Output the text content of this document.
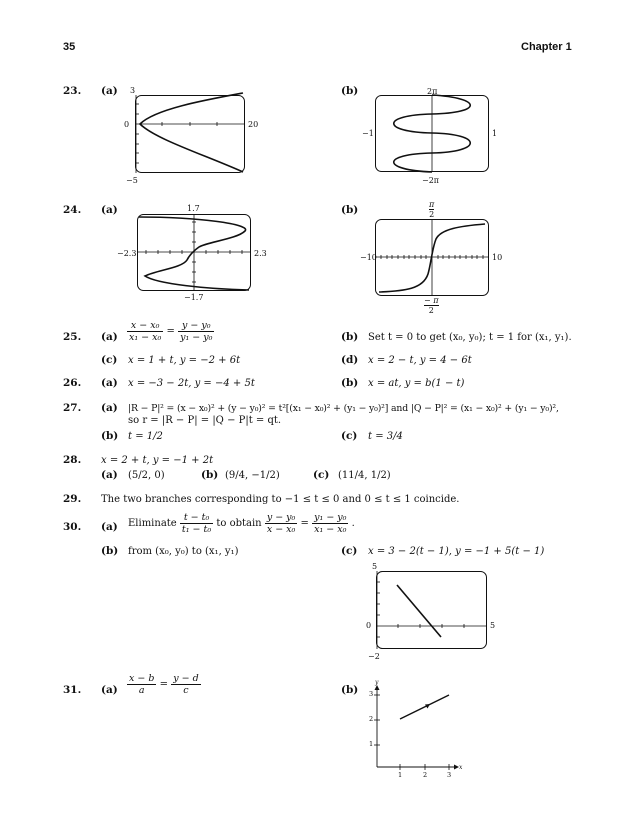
35	Chapter 1
23. (a)	(b)
3
0	20
−5
2π
−1	1
−2π
24. (a)	(b)
1.7
−2.3	2.3
−1.7
$\frac{\pi}{2}$
−10	10
$\frac{- \pi}{2}$
25. $(a) \frac{\text{x − x₀}}{\text{x₁ − x₀}} = \frac{\text{y − y₀}}{\text{y₁ − y₀}}$	(b) Set t = 0 to get (x₀, y₀); t = 1 for (x₁, y₁).
(c) x = 1 + t, y = −2 + 6t	(d) x = 2 − t, y = 4 − 6t
26. (a) x = −3 − 2t, y = −4 + 5t	(b) x = at, y = b(1 − t)
27. (a) |R − P|² = (x − x₀)² + (y − y₀)² = t²[(x₁ − x₀)² + (y₁ − y₀)²] and |Q − P|² = (x₁ − x₀)² + (y₁ − y₀)²,
so r = |R − P| = |Q − P|t = qt.
(b) t = 1/2	(c) t = 3/4
28. x = 2 + t, y = −1 + 2t
(a) (5/2, 0)	(b) (9/4, −1/2)	(c) (11/4, 1/2)
29. The two branches corresponding to −1 ≤ t ≤ 0 and 0 ≤ t ≤ 1 coincide.
30. (a) Eliminate $\frac{\text{t − t₀}}{\text{t₁ − t₀}}$ to obtain $\frac{\text{y − y₀}}{\text{x − x₀}} = \frac{\text{y₁ − y₀}}{\text{x₁ − x₀}}$ .
(b) from (x₀, y₀) to (x₁, y₁)	(c) x = 3 − 2(t − 1), y = −1 + 5(t − 1)
5
0	5
−2
31. $(a) \frac{x - b}{a} = \frac{y - d}{c}$	(b)
y
3
2
1
1	2	3
x
